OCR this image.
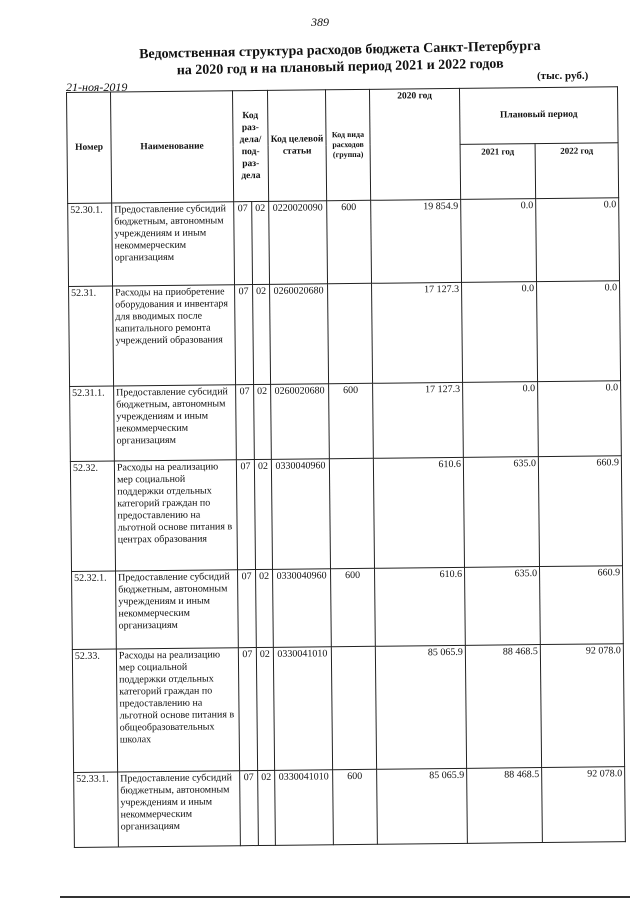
389
Ведомственная структура расходов бюджета Санкт-Петербурга
на 2020 год и на плановый период 2021 и 2022 годов
21-ноя-2019
(тыс. руб.)
Номер	Наименование	Код раз-дела/ под-раз-дела		Код целевой статьи	Код вида расходов (группа)	2020 год	Плановый период	
							2021 год	2022 год
52.30.1.	Предоставление субсидий бюджетным, автономным учреждениям и иным некоммерческим организациям	07	02	0220020090	600	19 854.9	0.0	0.0
52.31.	Расходы на приобретение оборудования и инвентаря для вводимых после капитального ремонта учреждений образования	07	02	0260020680		17 127.3	0.0	0.0
52.31.1.	Предоставление субсидий бюджетным, автономным учреждениям и иным некоммерческим организациям	07	02	0260020680	600	17 127.3	0.0	0.0
52.32.	Расходы на реализацию мер социальной поддержки отдельных категорий граждан по предоставлению на льготной основе питания в центрах образования	07	02	0330040960		610.6	635.0	660.9
52.32.1.	Предоставление субсидий бюджетным, автономным учреждениям и иным некоммерческим организациям	07	02	0330040960	600	610.6	635.0	660.9
52.33.	Расходы на реализацию мер социальной поддержки отдельных категорий граждан по предоставлению на льготной основе питания в общеобразовательных школах	07	02	0330041010		85 065.9	88 468.5	92 078.0
52.33.1.	Предоставление субсидий бюджетным, автономным учреждениям и иным некоммерческим организациям	07	02	0330041010	600	85 065.9	88 468.5	92 078.0
